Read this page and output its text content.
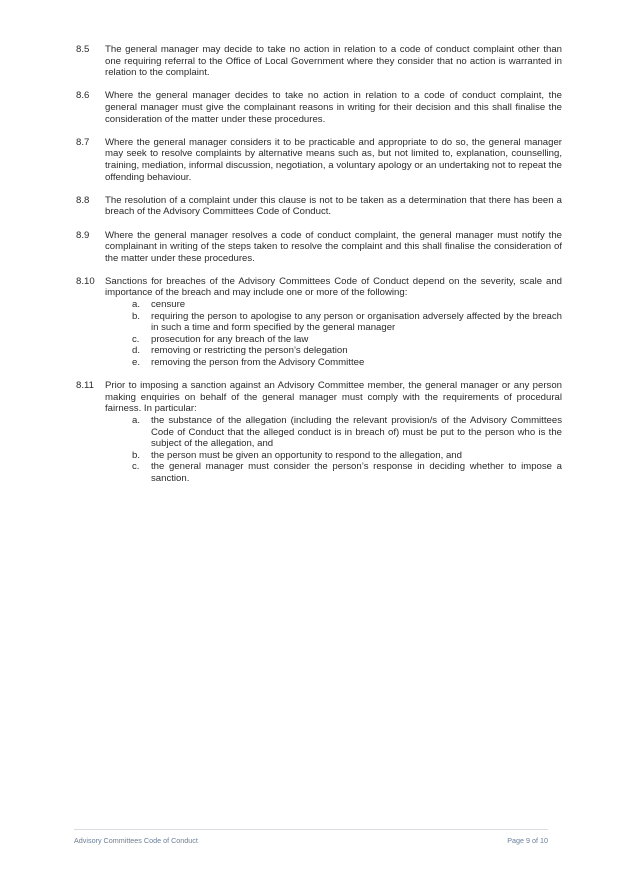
8.5	The general manager may decide to take no action in relation to a code of conduct complaint other than one requiring referral to the Office of Local Government where they consider that no action is warranted in relation to the complaint.

8.6	Where the general manager decides to take no action in relation to a code of conduct complaint, the general manager must give the complainant reasons in writing for their decision and this shall finalise the consideration of the matter under these procedures.

8.7	Where the general manager considers it to be practicable and appropriate to do so, the general manager may seek to resolve complaints by alternative means such as, but not limited to, explanation, counselling, training, mediation, informal discussion, negotiation, a voluntary apology or an undertaking not to repeat the offending behaviour.

8.8	The resolution of a complaint under this clause is not to be taken as a determination that there has been a breach of the Advisory Committees Code of Conduct.

8.9	Where the general manager resolves a code of conduct complaint, the general manager must notify the complainant in writing of the steps taken to resolve the complaint and this shall finalise the consideration of the matter under these procedures.

8.10	Sanctions for breaches of the Advisory Committees Code of Conduct depend on the severity, scale and importance of the breach and may include one or more of the following:

a.	censure
b.	requiring the person to apologise to any person or organisation adversely affected by the breach in such a time and form specified by the general manager
c.	prosecution for any breach of the law
d.	removing or restricting the person’s delegation
e.	removing the person from the Advisory Committee
8.11	Prior to imposing a sanction against an Advisory Committee member, the general manager or any person making enquiries on behalf of the general manager must comply with the requirements of procedural fairness. In particular:

a.	the substance of the allegation (including the relevant provision/s of the Advisory Committees Code of Conduct that the alleged conduct is in breach of) must be put to the person who is the subject of the allegation, and
b.	the person must be given an opportunity to respond to the allegation, and
c.	the general manager must consider the person’s response in deciding whether to impose a sanction.
Advisory Committees Code of Conduct	Page 9 of 10
